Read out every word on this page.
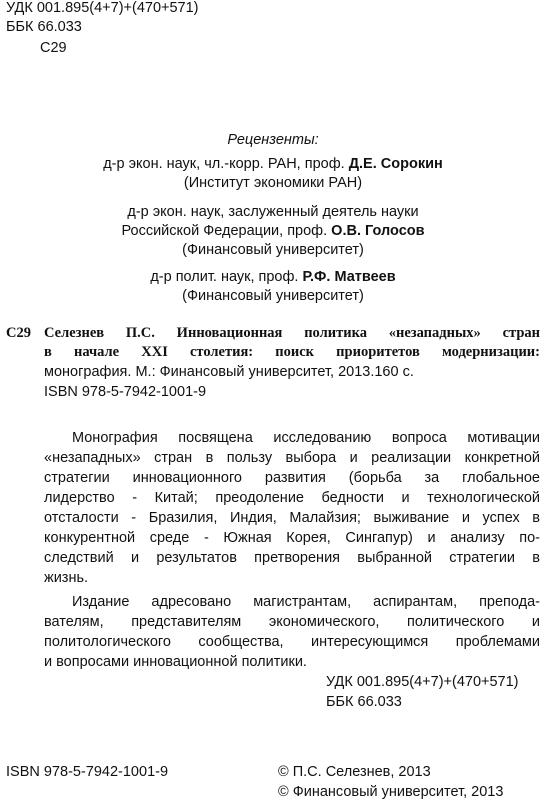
УДК 001.895(4+7)+(470+571)
ББК 66.033
С29
Рецензенты:
д-р экон. наук, чл.-корр. РАН, проф. Д.Е. Сорокин
(Институт экономики РАН)
д-р экон. наук, заслуженный деятель науки
Российской Федерации, проф. О.В. Голосов
(Финансовый университет)
д-р полит. наук, проф. Р.Ф. Матвеев
(Финансовый университет)
С29 Селезнев П.С. Инновационная политика «незападных» стран
в начале XXI столетия: поиск приоритетов модернизации:
монография. М.: Финансовый университет, 2013.160 с.
ISBN 978-5-7942-1001-9
Монография посвящена исследованию вопроса мотивации
«незападных» стран в пользу выбора и реализации конкретной
стратегии инновационного развития (борьба за глобальное
лидерство - Китай; преодоление бедности и технологической
отсталости - Бразилия, Индия, Малайзия; выживание и успех в
конкурентной среде - Южная Корея, Сингапур) и анализу по-
следствий и результатов претворения выбранной стратегии в
жизнь.
Издание адресовано магистрантам, аспирантам, препода-
вателям, представителям экономического, политического и
политологического сообщества, интересующимся проблемами
и вопросами инновационной политики.
УДК 001.895(4+7)+(470+571)
ББК 66.033
ISBN 978-5-7942-1001-9	© П.С. Селезнев, 2013
© Финансовый университет, 2013
